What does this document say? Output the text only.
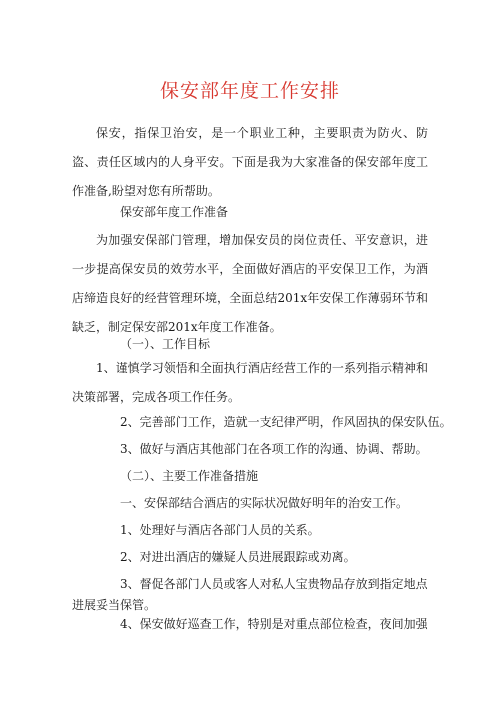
保安部年度工作安排
保安，指保卫治安，是一个职业工种，主要职责为防火、防盗、责任区域内的人身平安。下面是我为大家准备的保安部年度工作准备,盼望对您有所帮助。
保安部年度工作准备
为加强安保部门管理，增加保安员的岗位责任、平安意识，进一步提高保安员的效劳水平，全面做好酒店的平安保卫工作，为酒店缔造良好的经营管理环境，全面总结201x年安保工作薄弱环节和缺乏，制定保安部201x年度工作准备。
（一）、工作目标
1、谨慎学习领悟和全面执行酒店经营工作的一系列指示精神和决策部署，完成各项工作任务。
2、完善部门工作，造就一支纪律严明，作风固执的保安队伍。
3、做好与酒店其他部门在各项工作的沟通、协调、帮助。
（二）、主要工作准备措施
一、安保部结合酒店的实际状况做好明年的治安工作。
1、处理好与酒店各部门人员的关系。
2、对进出酒店的嫌疑人员进展跟踪或劝离。
3、督促各部门人员或客人对私人宝贵物品存放到指定地点
进展妥当保管。
4、保安做好巡查工作，特别是对重点部位检查，夜间加强
